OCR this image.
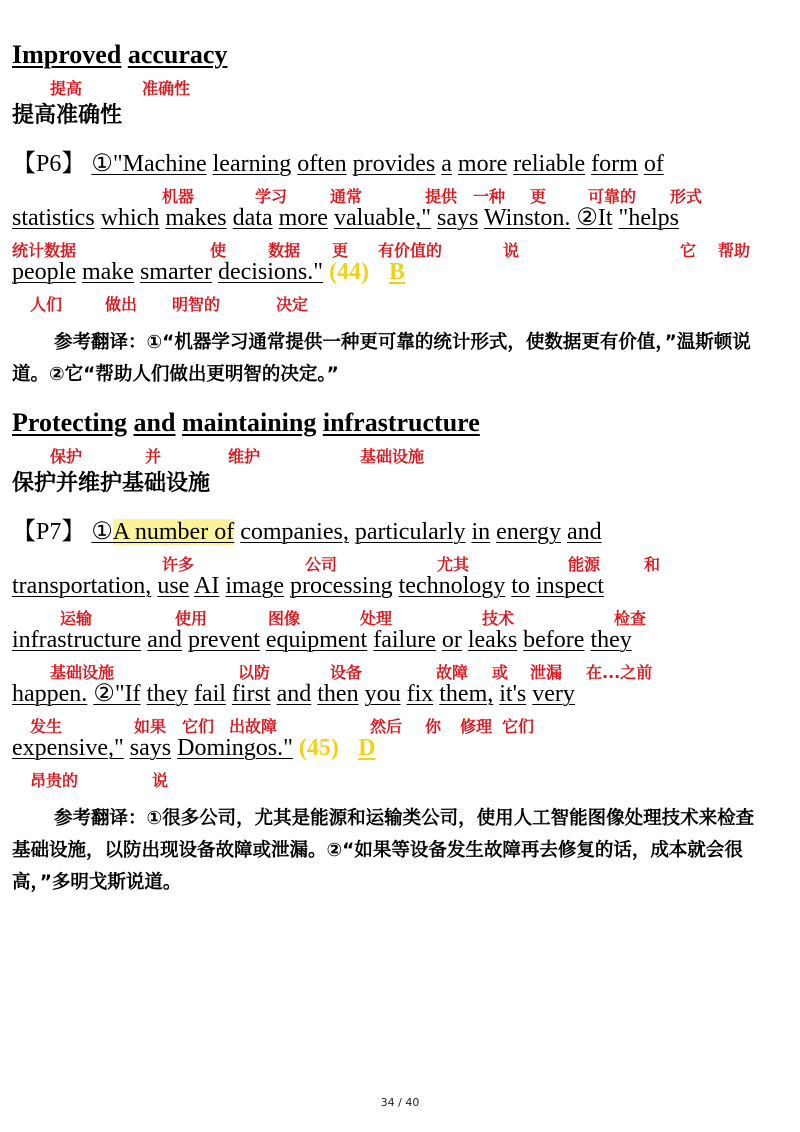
Improved accuracy
提高	准确性
提高准确性
【P6】 ①"Machine learning often provides a more reliable form of
机器	学习	通常	提供 一种 更	可靠的 形式
statistics which makes data more valuable," says Winston. ②It "helps
统计数据	使	数据 更 有价值的	说	它 帮助
people make smarter decisions." (44) B
人们	做出 明智的	决定

参考翻译：①“机器学习通常提供一种更可靠的统计形式，使数据更有价值，”温斯顿说道。②它“帮助人们做出更明智的决定。”

Protecting and maintaining infrastructure
保护	并	维护	基础设施
保护并维护基础设施
【P7】 ①A number of companies, particularly in energy and
许多	公司	尤其	能源	和
transportation, use AI image processing technology to inspect
运输	使用	图像	处理	技术	检查
infrastructure and prevent equipment failure or leaks before they
基础设施	以防	设备	故障 或 泄漏 在...之前
happen. ②"If they fail first and then you fix them, it's very
发生	如果 它们 出故障	然后 你 修理 它们
expensive," says Domingos." (45) D
昂贵的	说

参考翻译：①很多公司，尤其是能源和运输类公司，使用人工智能图像处理技术来检查基础设施，以防出现设备故障或泄漏。②“如果等设备发生故障再去修复的话，成本就会很高，”多明戈斯说道。

34 / 40
